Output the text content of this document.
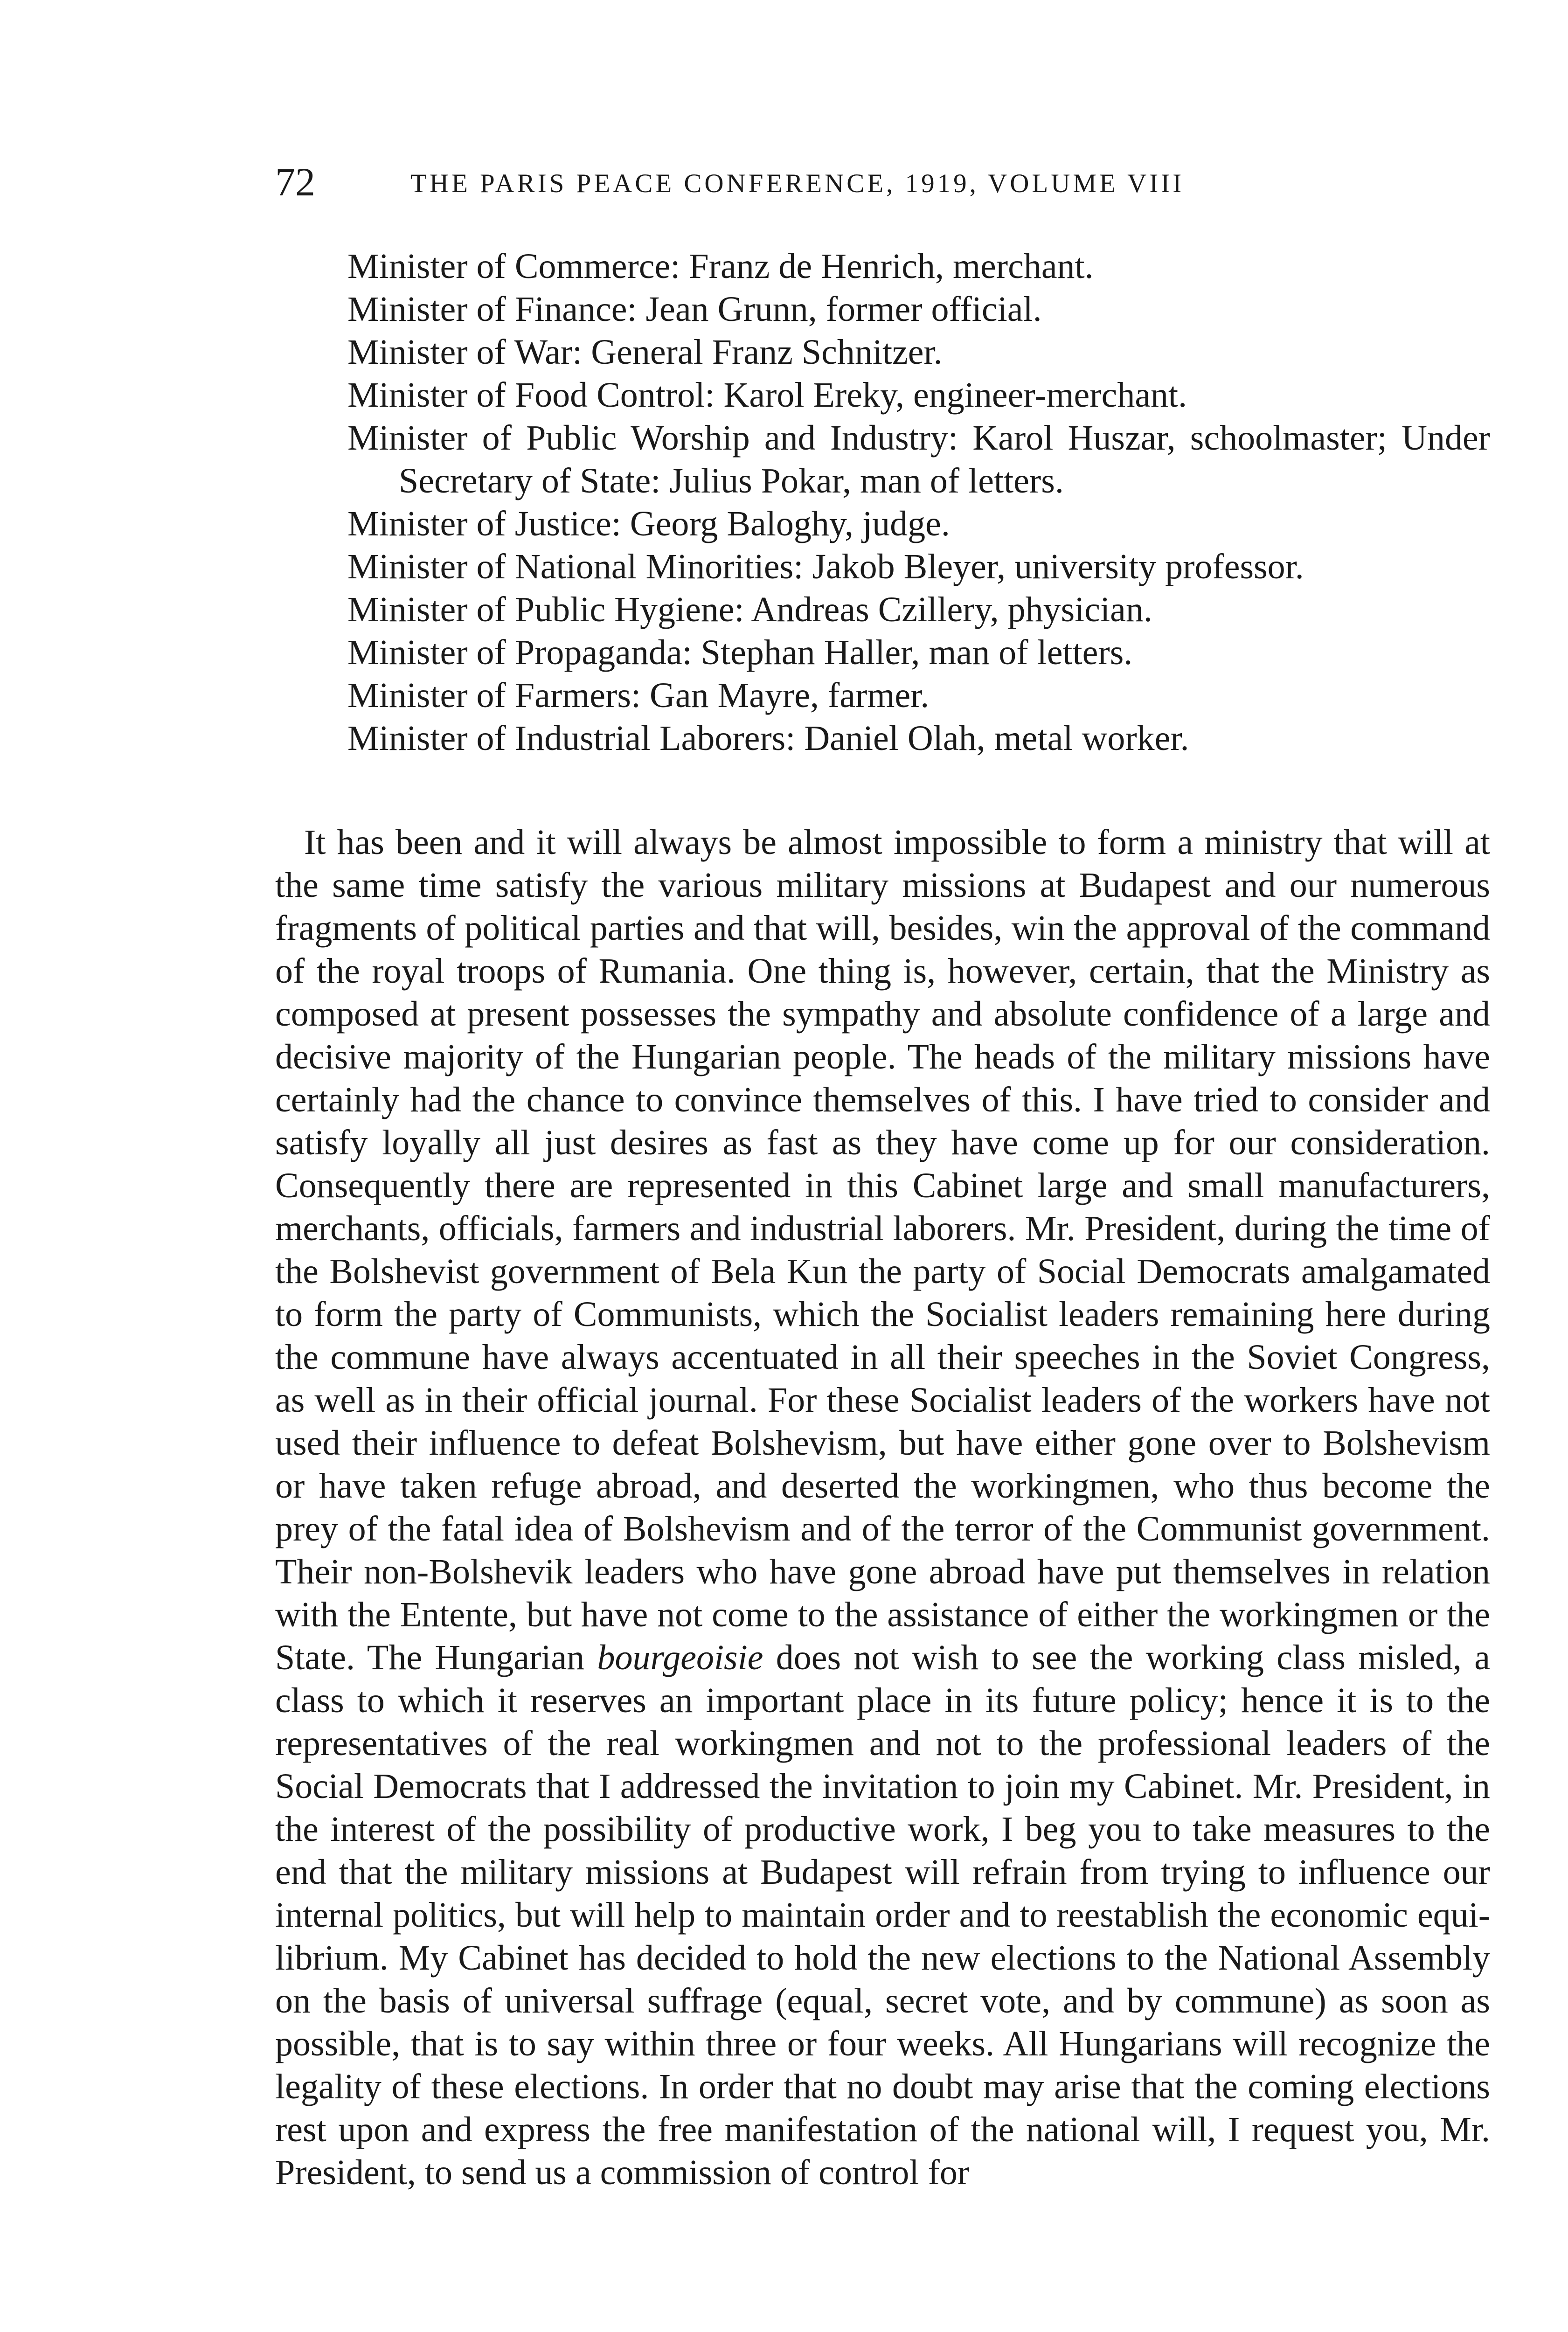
72	THE PARIS PEACE CONFERENCE, 1919, VOLUME VIII
Minister of Commerce: Franz de Henrich, merchant.
Minister of Finance: Jean Grunn, former official.
Minister of War: General Franz Schnitzer.
Minister of Food Control: Karol Ereky, engineer-merchant.
Minister of Public Worship and Industry: Karol Huszar, schoolmaster; Under Secretary of State: Julius Pokar, man of letters.
Minister of Justice: Georg Baloghy, judge.
Minister of National Minorities: Jakob Bleyer, university professor.
Minister of Public Hygiene: Andreas Czillery, physician.
Minister of Propaganda: Stephan Haller, man of letters.
Minister of Farmers: Gan Mayre, farmer.
Minister of Industrial Laborers: Daniel Olah, metal worker.

It has been and it will always be almost impossible to form a ministry that will at the same time satisfy the various military missions at Budapest and our numerous fragments of political parties and that will, besides, win the approval of the command of the royal troops of Rumania. One thing is, however, certain, that the Ministry as composed at present possesses the sympathy and absolute confidence of a large and decisive majority of the Hungarian people. The heads of the military missions have certainly had the chance to convince themselves of this. I have tried to consider and satisfy loyally all just desires as fast as they have come up for our consideration. Consequently there are represented in this Cabinet large and small manufacturers, merchants, officials, farmers and industrial laborers. Mr. President, during the time of the Bolshevist government of Bela Kun the party of Social Democrats amalgamated to form the party of Communists, which the Socialist leaders remaining here during the commune have always accentuated in all their speeches in the Soviet Congress, as well as in their official journal. For these Socialist leaders of the workers have not used their influence to defeat Bolshevism, but have either gone over to Bolshevism or have taken refuge abroad, and deserted the workingmen, who thus become the prey of the fatal idea of Bolshevism and of the terror of the Communist government. Their non-Bolshevik leaders who have gone abroad have put themselves in relation with the Entente, but have not come to the assistance of either the workingmen or the State. The Hungarian bourgeoisie does not wish to see the working class misled, a class to which it reserves an important place in its future policy; hence it is to the representatives of the real workingmen and not to the professional leaders of the Social Democrats that I addressed the invitation to join my Cabinet. Mr. President, in the interest of the possibility of productive work, I beg you to take measures to the end that the military missions at Budapest will refrain from trying to influence our internal politics, but will help to maintain order and to reestablish the economic equilibrium. My Cabinet has decided to hold the new elections to the National Assembly on the basis of universal suffrage (equal, secret vote, and by commune) as soon as possible, that is to say within three or four weeks. All Hungarians will recognize the legality of these elections. In order that no doubt may arise that the coming elections rest upon and express the free manifestation of the national will, I request you, Mr. President, to send us a commission of control for
